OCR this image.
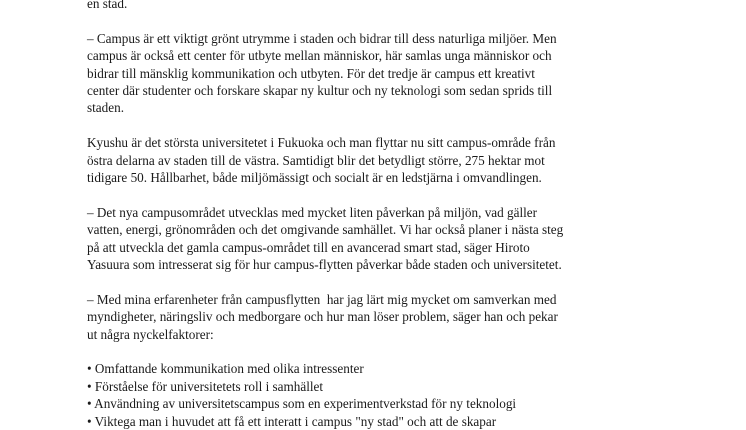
en stad.

– Campus är ett viktigt grönt utrymme i staden och bidrar till dess naturliga miljöer. Men
campus är också ett center för utbyte mellan människor, här samlas unga människor och
bidrar till mänsklig kommunikation och utbyten. För det tredje är campus ett kreativt
center där studenter och forskare skapar ny kultur och ny teknologi som sedan sprids till
staden.

Kyushu är det största universitetet i Fukuoka och man flyttar nu sitt campus-område från
östra delarna av staden till de västra. Samtidigt blir det betydligt större, 275 hektar mot
tidigare 50. Hållbarhet, både miljömässigt och socialt är en ledstjärna i omvandlingen.

– Det nya campusområdet utvecklas med mycket liten påverkan på miljön, vad gäller
vatten, energi, grönområden och det omgivande samhället. Vi har också planer i nästa steg
på att utveckla det gamla campus-området till en avancerad smart stad, säger Hiroto
Yasuura som intresserat sig för hur campus-flytten påverkar både staden och universitetet.

– Med mina erfarenheter från campusflytten  har jag lärt mig mycket om samverkan med
myndigheter, näringsliv och medborgare och hur man löser problem, säger han och pekar
ut några nyckelfaktorer:

• Omfattande kommunikation med olika intressenter
• Förståelse för universitetets roll i samhället
• Användning av universitetscampus som en experimentverkstad för ny teknologi
• Viktega man i huvudet att få ett interatt i campus "ny stad" och att de skapar
